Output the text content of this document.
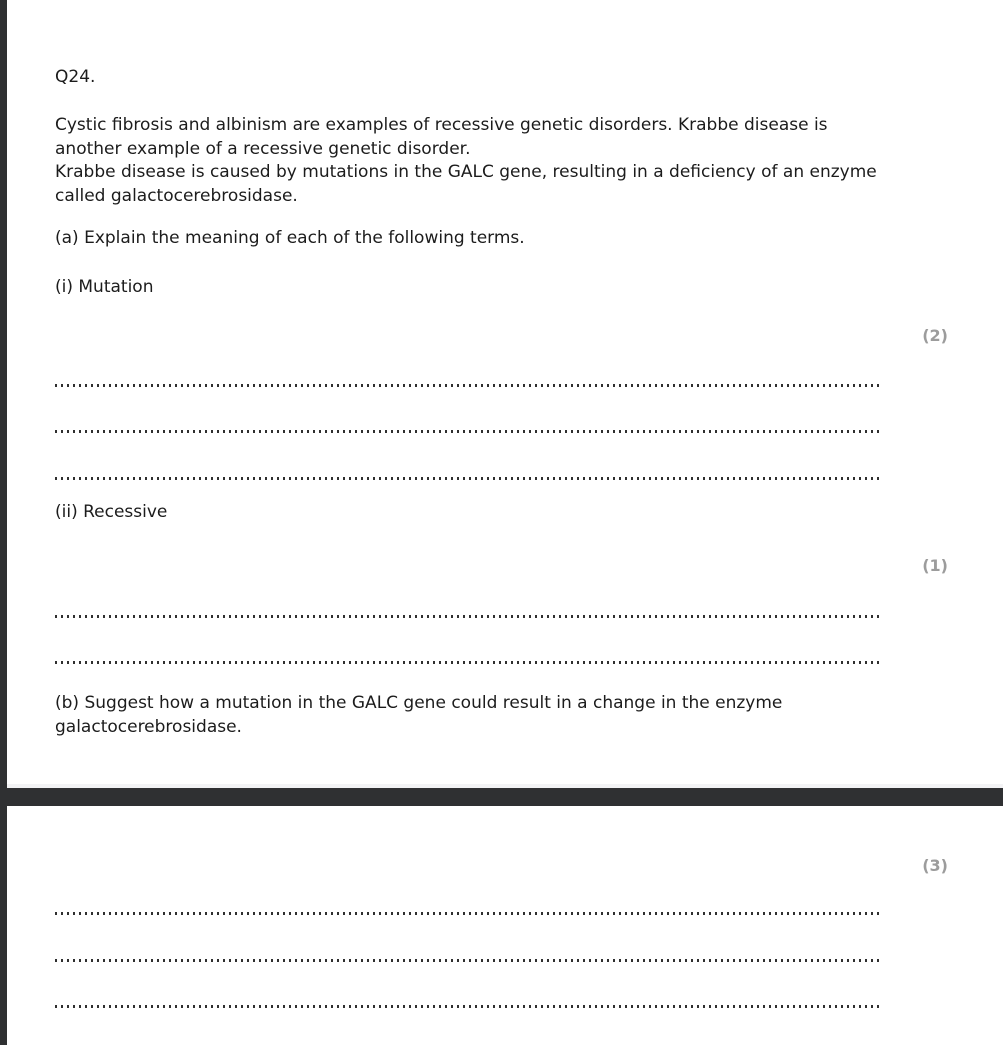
Q24.
Cystic fibrosis and albinism are examples of recessive genetic disorders. Krabbe disease is
another example of a recessive genetic disorder.
Krabbe disease is caused by mutations in the GALC gene, resulting in a deficiency of an enzyme
called galactocerebrosidase.
(a) Explain the meaning of each of the following terms.
(i) Mutation
(2)
(ii) Recessive
(1)
(b) Suggest how a mutation in the GALC gene could result in a change in the enzyme
galactocerebrosidase.
(3)
